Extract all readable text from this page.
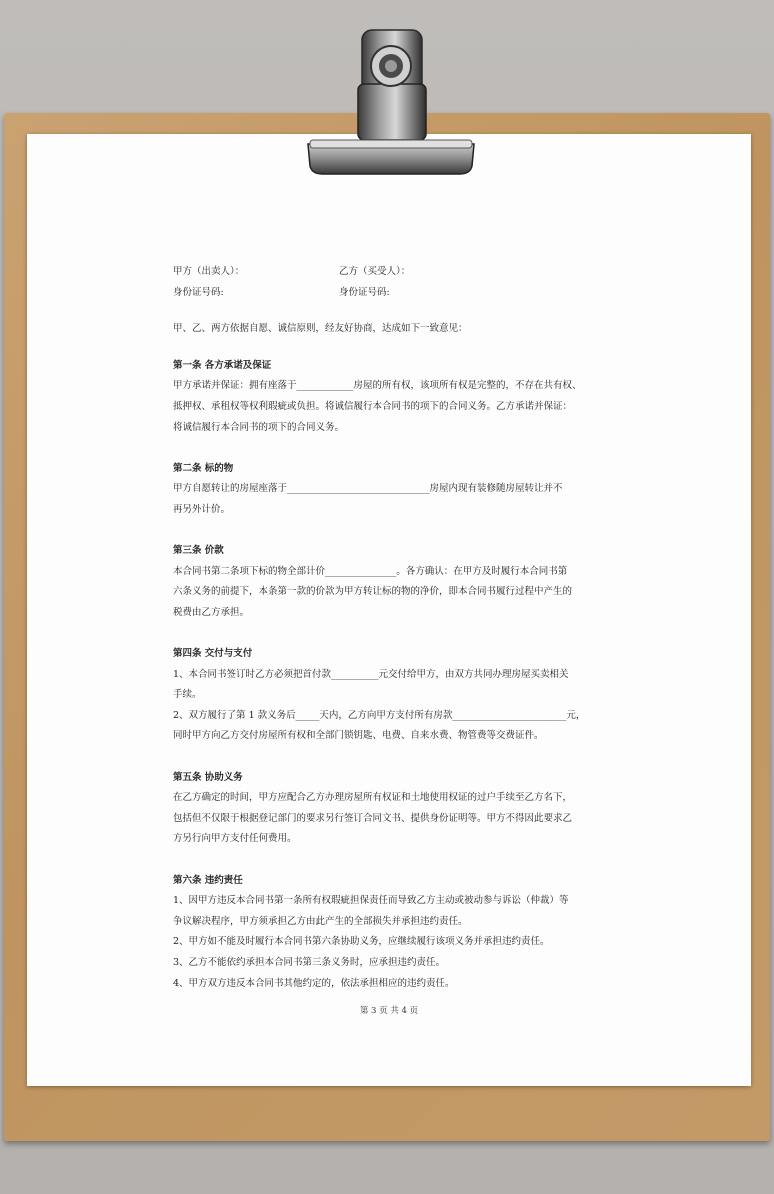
甲方（出卖人）：	乙方（买受人）：
身份证号码:	身份证号码:

甲、乙、两方依据自愿、诚信原则，经友好协商，达成如下一致意见：

第一条 各方承诺及保证

甲方承诺并保证：拥有座落于____________房屋的所有权，该项所有权是完整的，不存在共有权、

抵押权、承租权等权利瑕疵或负担。将诚信履行本合同书的项下的合同义务。乙方承诺并保证：

将诚信履行本合同书的项下的合同义务。

第二条 标的物

甲方自愿转让的房屋座落于______________________________房屋内现有装修随房屋转让并不

再另外计价。

第三条 价款

本合同书第二条项下标的物全部计价_______________。各方确认：在甲方及时履行本合同书第

六条义务的前提下，本条第一款的价款为甲方转让标的物的净价，即本合同书履行过程中产生的

税费由乙方承担。

第四条 交付与支付

1、本合同书签订时乙方必须把首付款__________元交付给甲方，由双方共同办理房屋买卖相关

手续。

2、双方履行了第 1 款义务后_____天内，乙方向甲方支付所有房款________________________元，

同时甲方向乙方交付房屋所有权和全部门锁钥匙、电费、自来水费、物管费等交费证件。

第五条 协助义务

在乙方确定的时间，甲方应配合乙方办理房屋所有权证和土地使用权证的过户手续至乙方名下，

包括但不仅限于根据登记部门的要求另行签订合同文书、提供身份证明等。甲方不得因此要求乙

方另行向甲方支付任何费用。

第六条 违约责任

1、因甲方违反本合同书第一条所有权瑕疵担保责任而导致乙方主动或被动参与诉讼（仲裁）等

争议解决程序，甲方须承担乙方由此产生的全部损失并承担违约责任。

2、甲方如不能及时履行本合同书第六条协助义务，应继续履行该项义务并承担违约责任。

3、乙方不能依约承担本合同书第三条义务时，应承担违约责任。

4、甲方双方违反本合同书其他约定的，依法承担相应的违约责任。

第 3 页 共 4 页
